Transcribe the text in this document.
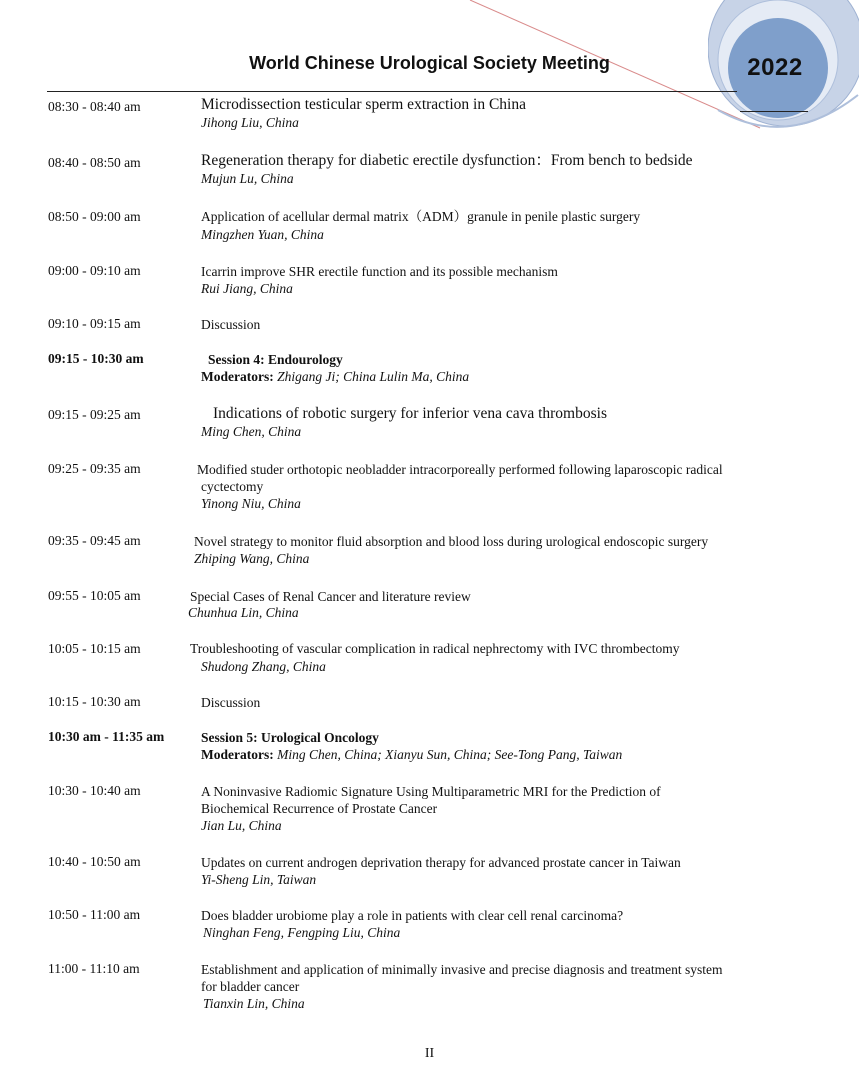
2022
World Chinese Urological Society Meeting
08:30 - 08:40 am	Microdissection testicular sperm extraction in China
Jihong Liu, China
08:40 - 08:50 am	Regeneration therapy for diabetic erectile dysfunction：From bench to bedside
Mujun Lu, China
08:50 - 09:00 am	Application of acellular dermal matrix（ADM）granule in penile plastic surgery
Mingzhen Yuan, China
09:00 - 09:10 am	Icarrin improve SHR erectile function and its possible mechanism
Rui Jiang, China
09:10 - 09:15 am	Discussion
09:15 - 10:30 am	Session 4: Endourology
Moderators: Zhigang Ji; China Lulin Ma, China
09:15 - 09:25 am	Indications of robotic surgery for inferior vena cava thrombosis
Ming Chen, China
09:25 - 09:35 am	Modified studer orthotopic neobladder intracorporeally performed following laparoscopic radical
cyctectomy
Yinong Niu, China
09:35 - 09:45 am	Novel strategy to monitor fluid absorption and blood loss during urological endoscopic surgery
Zhiping Wang, China
09:55 - 10:05 am	Special Cases of Renal Cancer and literature review
Chunhua Lin, China
10:05 - 10:15 am	Troubleshooting of vascular complication in radical nephrectomy with IVC thrombectomy
Shudong Zhang, China
10:15 - 10:30 am	Discussion
10:30 am - 11:35 am	Session 5: Urological Oncology
Moderators: Ming Chen, China; Xianyu Sun, China; See-Tong Pang, Taiwan
10:30 - 10:40 am	A Noninvasive Radiomic Signature Using Multiparametric MRI for the Prediction of
Biochemical Recurrence of Prostate Cancer
Jian Lu, China
10:40 - 10:50 am	Updates on current androgen deprivation therapy for advanced prostate cancer in Taiwan
Yi-Sheng Lin, Taiwan
10:50 - 11:00 am	Does bladder urobiome play a role in patients with clear cell renal carcinoma?
Ninghan Feng, Fengping Liu, China
11:00 - 11:10 am	Establishment and application of minimally invasive and precise diagnosis and treatment system
for bladder cancer
Tianxin Lin, China
II
